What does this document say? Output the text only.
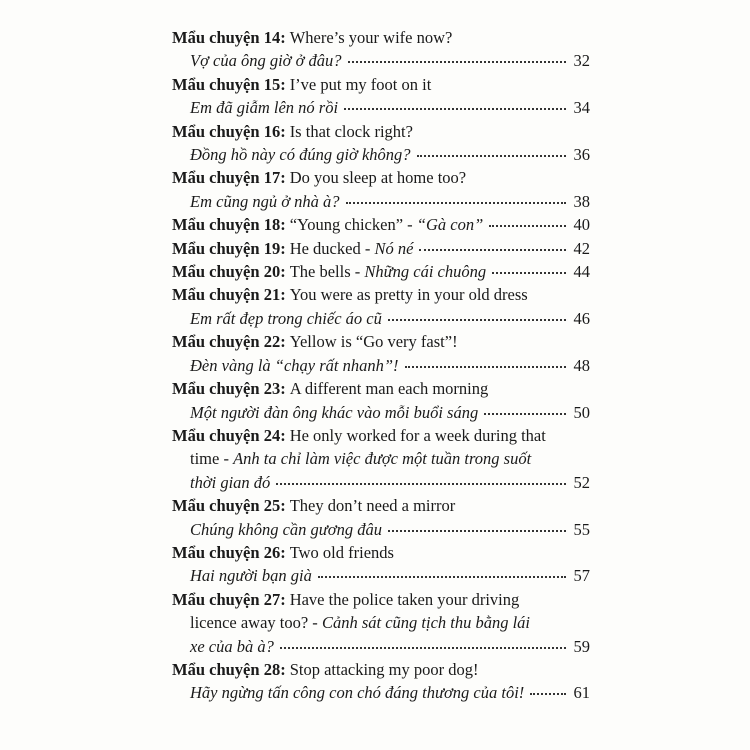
Mẩu chuyện 14: Where’s your wife now?
Vợ của ông giờ ở đâu?	32
Mẩu chuyện 15: I’ve put my foot on it
Em đã giẫm lên nó rồi	34
Mẩu chuyện 16: Is that clock right?
Đồng hồ này có đúng giờ không?	36
Mẩu chuyện 17: Do you sleep at home too?
Em cũng ngủ ở nhà à?	38
Mẩu chuyện 18: “Young chicken” -
“Gà con”	40
Mẩu chuyện 19: He ducked -
Nó né	42
Mẩu chuyện 20: The bells -
Những cái chuông	44
Mẩu chuyện 21: You were as pretty in your old dress
Em rất đẹp trong chiếc áo cũ	46
Mẩu chuyện 22: Yellow is “Go very fast”!
Đèn vàng là “chạy rất nhanh”!	48
Mẩu chuyện 23: A different man each morning
Một người đàn ông khác vào mỗi buổi sáng	50
Mẩu chuyện 24: He only worked for a week during that
time -
Anh ta chỉ làm việc được một tuần trong suốt
thời gian đó	52
Mẩu chuyện 25: They don’t need a mirror
Chúng không cần gương đâu	55
Mẩu chuyện 26: Two old friends
Hai người bạn già	57
Mẩu chuyện 27: Have the police taken your driving
licence away too? -
Cảnh sát cũng tịch thu bằng lái
xe của bà à?	59
Mẩu chuyện 28: Stop attacking my poor dog!
Hãy ngừng tấn công con chó đáng thương của tôi!	61
